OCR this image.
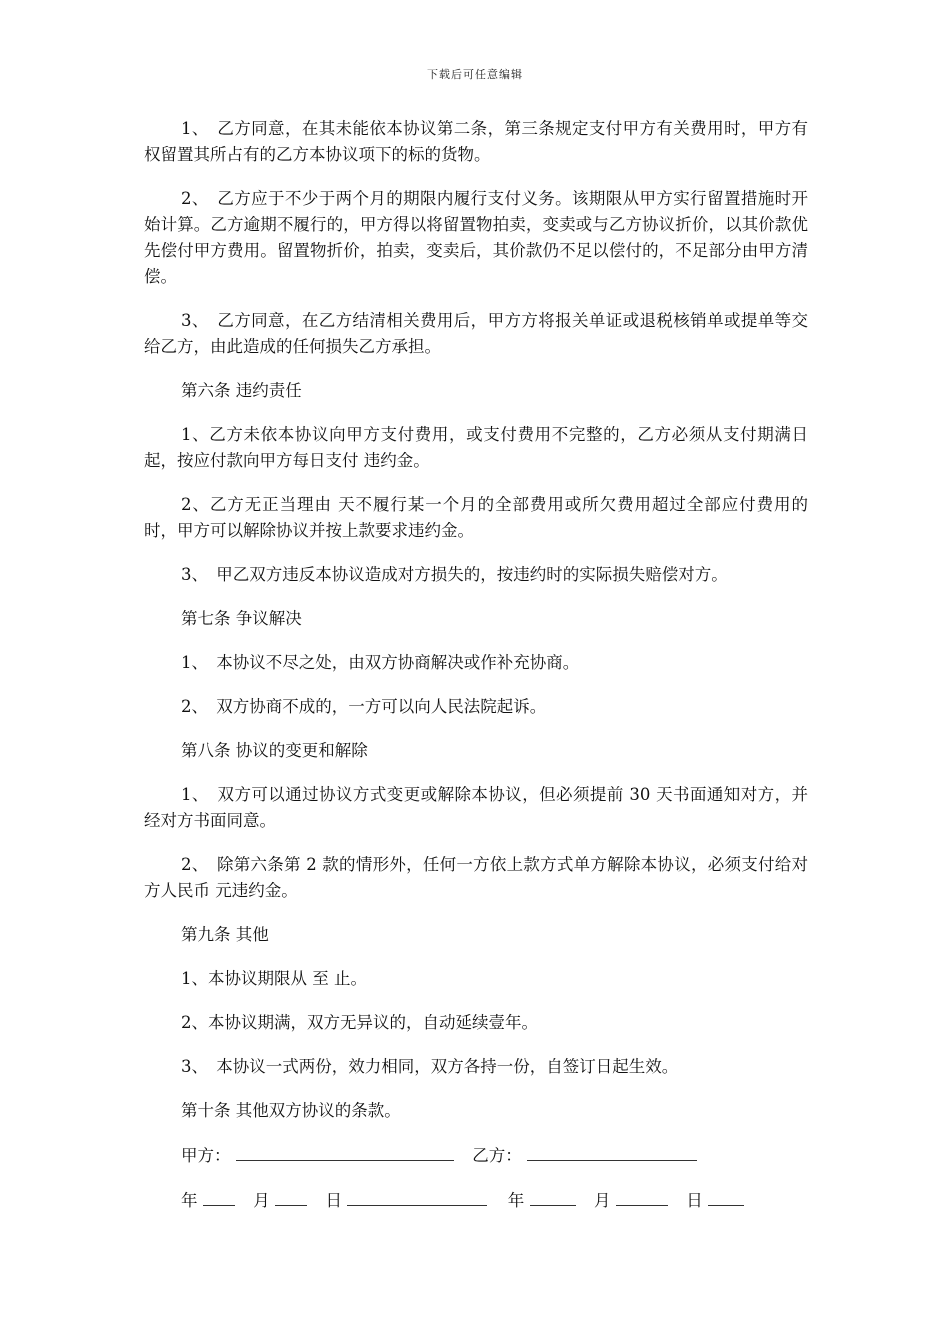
下载后可任意编辑
1、　乙方同意，在其未能依本协议第二条，第三条规定支付甲方有关费用时，甲方有权留置其所占有的乙方本协议项下的标的货物。
2、　乙方应于不少于两个月的期限内履行支付义务。该期限从甲方实行留置措施时开始计算。乙方逾期不履行的，甲方得以将留置物拍卖，变卖或与乙方协议折价，以其价款优先偿付甲方费用。留置物折价，拍卖，变卖后，其价款仍不足以偿付的，不足部分由甲方清偿。
3、　乙方同意，在乙方结清相关费用后，甲方方将报关单证或退税核销单或提单等交给乙方，由此造成的任何损失乙方承担。
第六条 违约责任
1、乙方未依本协议向甲方支付费用，或支付费用不完整的，乙方必须从支付期满日起，按应付款向甲方每日支付 违约金。
2、乙方无正当理由 天不履行某一个月的全部费用或所欠费用超过全部应付费用的 时，甲方可以解除协议并按上款要求违约金。
3、　甲乙双方违反本协议造成对方损失的，按违约时的实际损失赔偿对方。
第七条 争议解决
1、　本协议不尽之处，由双方协商解决或作补充协商。
2、　双方协商不成的，一方可以向人民法院起诉。
第八条 协议的变更和解除
1、　双方可以通过协议方式变更或解除本协议，但必须提前 30 天书面通知对方，并经对方书面同意。
2、　除第六条第 2 款的情形外，任何一方依上款方式单方解除本协议，必须支付给对方人民币 元违约金。
第九条 其他
1、本协议期限从 至 止。
2、本协议期满，双方无异议的，自动延续壹年。
3、　本协议一式两份，效力相同，双方各持一份，自签订日起生效。
第十条 其他双方协议的条款。
甲方：	乙方：
年	月	日	年	月	日
